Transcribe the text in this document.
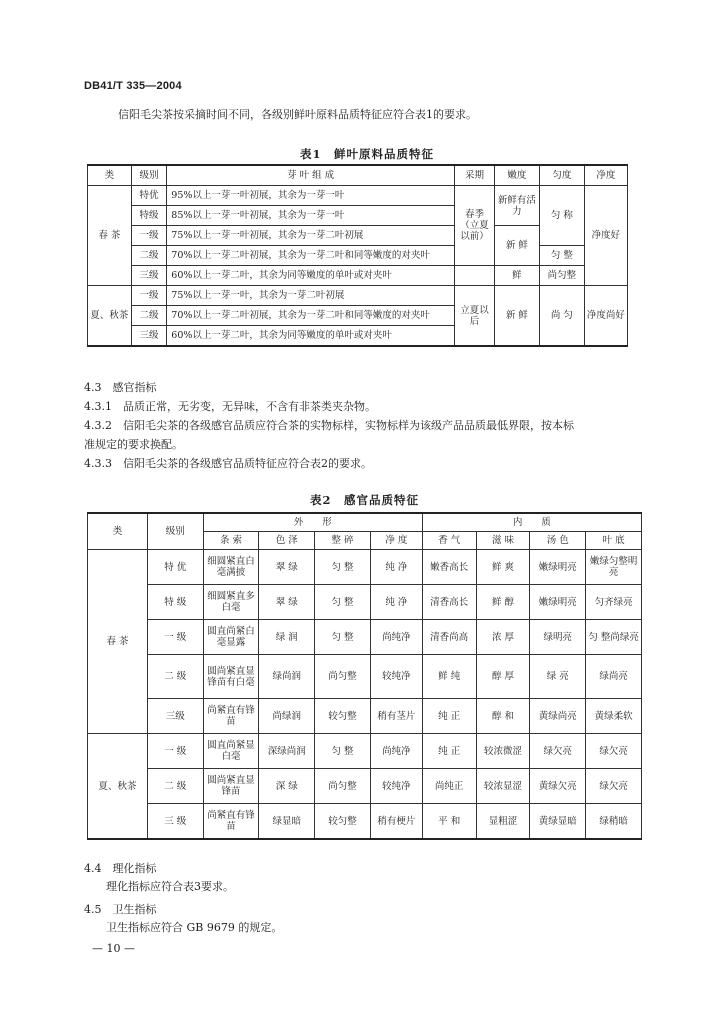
DB41/T 335—2004
信阳毛尖茶按采摘时间不同，各级别鲜叶原料品质特征应符合表1的要求。
表1　鲜叶原料品质特征
类	级别	芽 叶 组 成	采期	嫩度	匀度	净度
春 茶	特优	95%以上一芽一叶初展，其余为一芽一叶	春季（立夏以前）	新鲜有活力	匀 称	净度好
	特级	85%以上一芽一叶初展，其余为一芽一叶				
	一级	75%以上一芽一叶初展，其余为一芽二叶初展		新 鲜		
	二级	70%以上一芽二叶初展，其余为一芽二叶和同等嫩度的对夹叶			匀 整	
	三级	60%以上一芽二叶，其余为同等嫩度的单叶或对夹叶		鲜	尚匀整	
夏、秋茶	一级	75%以上一芽一叶，其余为一芽二叶初展	立夏以后	新 鲜	尚 匀	净度尚好
	二级	70%以上一芽二叶初展，其余为一芽二叶和同等嫩度的对夹叶				
	三级	60%以上一芽二叶，其余为同等嫩度的单叶或对夹叶				
4.3　感官指标
4.3.1　品质正常，无劣变，无异味，不含有非茶类夹杂物。
4.3.2　信阳毛尖茶的各级感官品质应符合茶的实物标样，实物标样为该级产品品质最低界限，按本标
准规定的要求换配。
4.3.3　信阳毛尖茶的各级感官品质特征应符合表2的要求。
表2　感官品质特征
类	级别	外　　形				内　　质			
		条 索	色 泽	整 碎	净 度	香 气	滋 味	汤 色	叶 底
春 茶	特 优	细圆紧直白毫满披	翠 绿	匀 整	纯 净	嫩香高长	鲜 爽	嫩绿明亮	嫩绿匀整明亮
	特 级	细圆紧直多白毫	翠 绿	匀 整	纯 净	清香高长	鲜 醇	嫩绿明亮	匀齐绿亮
	一 级	圆直尚紧白毫显露	绿 润	匀 整	尚纯净	清香尚高	浓 厚	绿明亮	匀 整尚绿亮
	二 级	圆尚紧直显锋苗有白毫	绿尚润	尚匀整	较纯净	鲜 纯	醇 厚	绿 亮	绿尚亮
	三级	尚紧直有锋苗	尚绿润	较匀整	稍有茎片	纯 正	醇 和	黄绿尚亮	黄绿柔软
夏、秋茶	一 级	圆直尚紧显白毫	深绿尚润	匀 整	尚纯净	纯 正	较浓微涩	绿欠亮	绿欠亮
	二 级	圆尚紧直显锋苗	深 绿	尚匀整	较纯净	尚纯正	较浓显涩	黄绿欠亮	绿欠亮
	三 级	尚紧直有锋苗	绿显暗	较匀整	稍有梗片	平 和	显粗涩	黄绿显暗	绿稍暗
4.4　理化指标
理化指标应符合表3要求。
4.5　卫生指标
卫生指标应符合 GB 9679 的规定。
— 10 —
